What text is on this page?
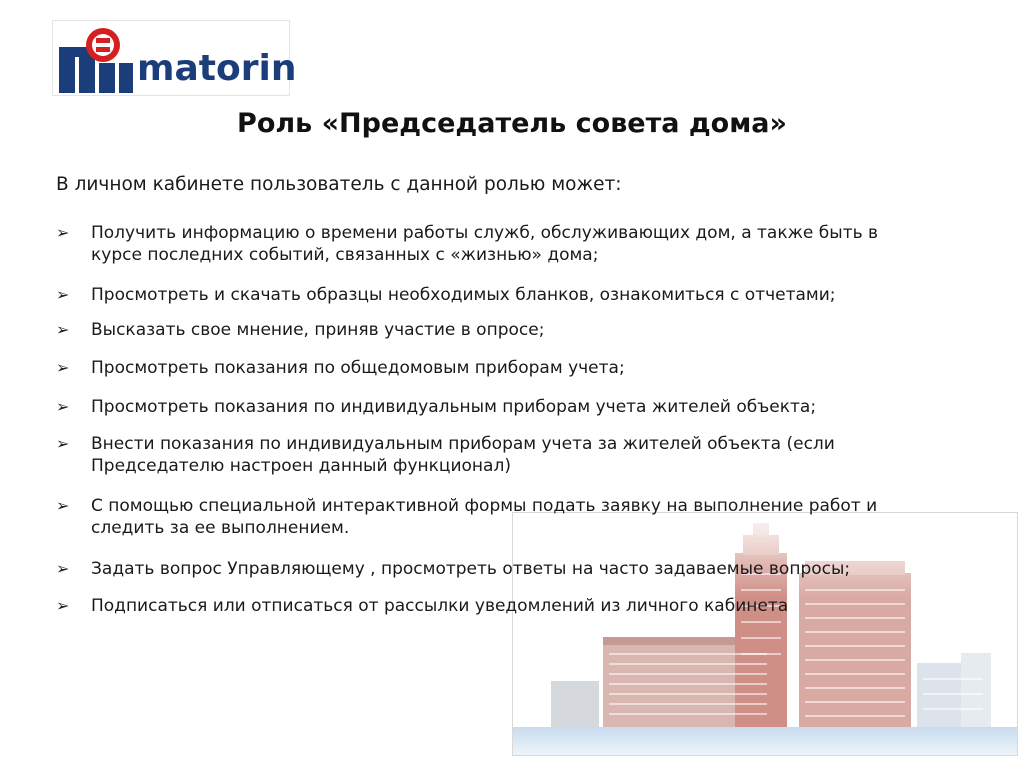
matorin
Роль «Председатель совета дома»
В личном кабинете пользователь с данной ролью может:
➢ Получить информацию о времени работы служб, обслуживающих дом, а также быть в
курсе последних событий, связанных с «жизнью» дома;
➢ Просмотреть и скачать образцы необходимых бланков, ознакомиться с отчетами;
➢ Высказать свое мнение, приняв участие в опросе;
➢ Просмотреть показания по общедомовым приборам учета;
➢ Просмотреть показания по индивидуальным приборам учета жителей объекта;
➢ Внести показания по индивидуальным приборам учета за жителей объекта (если
Председателю настроен данный функционал)
➢ С помощью специальной интерактивной формы подать заявку на выполнение работ и
следить за ее выполнением.
➢ Задать вопрос Управляющему , просмотреть ответы на часто задаваемые вопросы;
➢ Подписаться или отписаться от рассылки уведомлений из личного кабинета
